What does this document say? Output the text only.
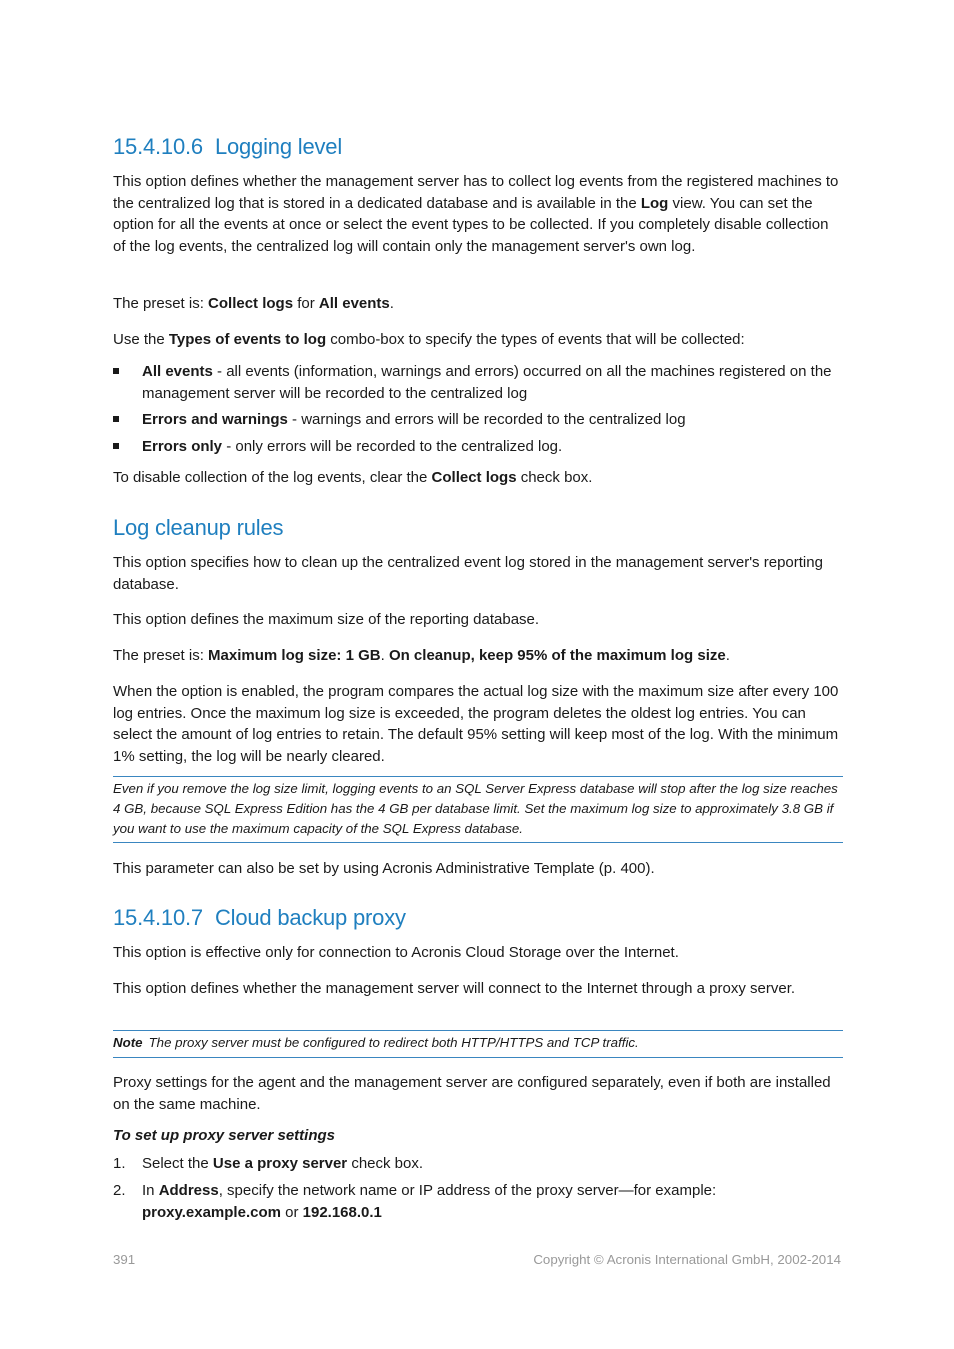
15.4.10.6 Logging level

This option defines whether the management server has to collect log events from the registered machines to the centralized log that is stored in a dedicated database and is available in the Log view. You can set the option for all the events at once or select the event types to be collected. If you completely disable collection of the log events, the centralized log will contain only the management server's own log.

The preset is: Collect logs for All events.

Use the Types of events to log combo-box to specify the types of events that will be collected:

All events - all events (information, warnings and errors) occurred on all the machines registered on the management server will be recorded to the centralized log
Errors and warnings - warnings and errors will be recorded to the centralized log
Errors only - only errors will be recorded to the centralized log.

To disable collection of the log events, clear the Collect logs check box.

Log cleanup rules

This option specifies how to clean up the centralized event log stored in the management server's reporting database.

This option defines the maximum size of the reporting database.

The preset is: Maximum log size: 1 GB. On cleanup, keep 95% of the maximum log size.

When the option is enabled, the program compares the actual log size with the maximum size after every 100 log entries. Once the maximum log size is exceeded, the program deletes the oldest log entries. You can select the amount of log entries to retain. The default 95% setting will keep most of the log. With the minimum 1% setting, the log will be nearly cleared.

Even if you remove the log size limit, logging events to an SQL Server Express database will stop after the log size reaches 4 GB, because SQL Express Edition has the 4 GB per database limit. Set the maximum log size to approximately 3.8 GB if you want to use the maximum capacity of the SQL Express database.

This parameter can also be set by using Acronis Administrative Template (p. 400).

15.4.10.7 Cloud backup proxy

This option is effective only for connection to Acronis Cloud Storage over the Internet.

This option defines whether the management server will connect to the Internet through a proxy server.

Note The proxy server must be configured to redirect both HTTP/HTTPS and TCP traffic.

Proxy settings for the agent and the management server are configured separately, even if both are installed on the same machine.

To set up proxy server settings

1. Select the Use a proxy server check box.
2. In Address, specify the network name or IP address of the proxy server—for example: proxy.example.com or 192.168.0.1
391	Copyright © Acronis International GmbH, 2002-2014
